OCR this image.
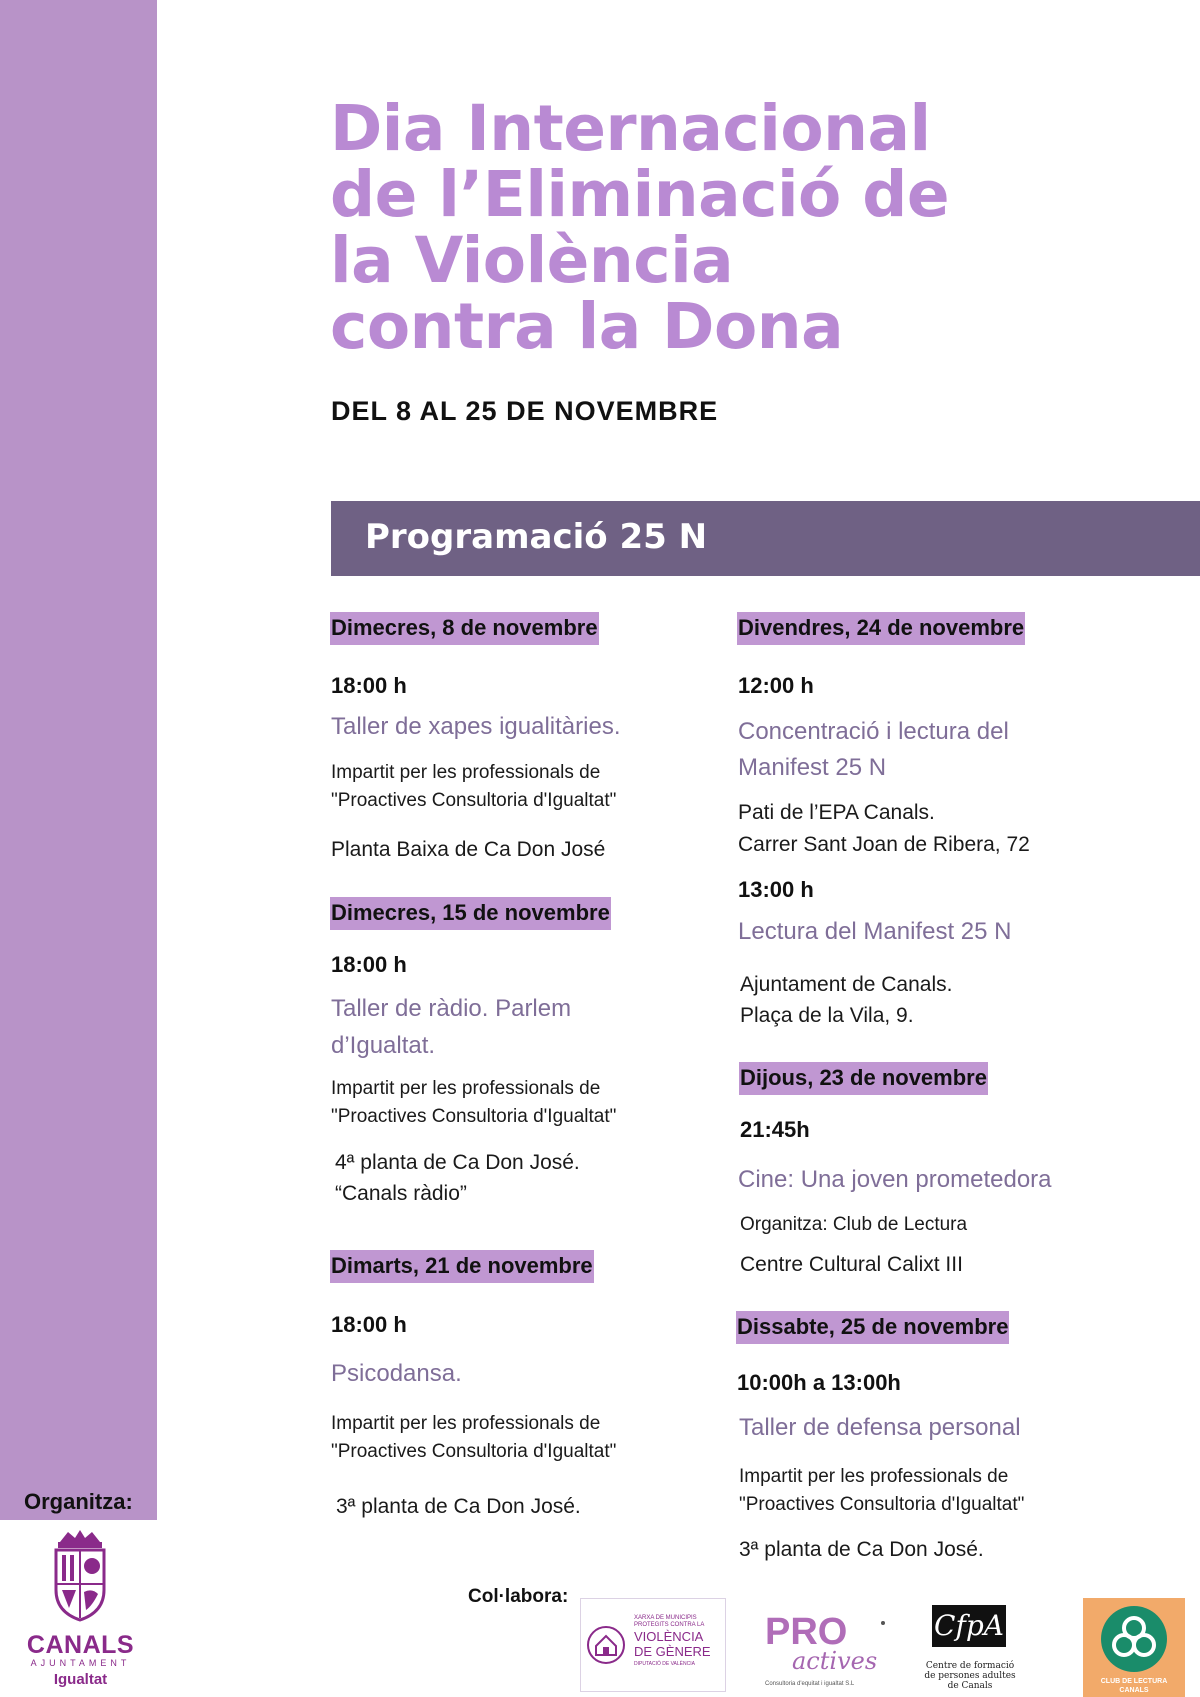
Dia Internacional
de l’Eliminació de
la Violència
contra la Dona
DEL 8 AL 25 DE NOVEMBRE
Programació 25 N
Dimecres, 8 de novembre
18:00 h
Taller de xapes igualitàries.
Impartit per les professionals de
"Proactives Consultoria d'Igualtat"
Planta Baixa de Ca Don José
Dimecres, 15 de novembre
18:00 h
Taller de ràdio. Parlem
d’Igualtat.
Impartit per les professionals de
"Proactives Consultoria d'Igualtat"
4ª planta de Ca Don José.
“Canals ràdio”
Dimarts, 21 de novembre
18:00 h
Psicodansa.
Impartit per les professionals de
"Proactives Consultoria d'Igualtat"
3ª planta de Ca Don José.
Divendres, 24 de novembre
12:00 h
Concentració i lectura del
Manifest 25 N
Pati de l’EPA Canals.
Carrer Sant Joan de Ribera, 72
13:00 h
Lectura del Manifest 25 N
Ajuntament de Canals.
Plaça de la Vila, 9.
Dijous, 23 de novembre
21:45h
Cine: Una joven prometedora
Organitza: Club de Lectura
Centre Cultural Calixt III
Dissabte, 25 de novembre
10:00h a 13:00h
Taller de defensa personal
Impartit per les professionals de
"Proactives Consultoria d'Igualtat"
3ª planta de Ca Don José.
Organitza:
Col·labora:
CANALS
AJUNTAMENT
Igualtat
XARXA DE MUNICIPIS
PROTEGITS CONTRA LA
VIOLÈNCIA
DE GÈNERE
DIPUTACIÓ DE VALÈNCIA
PRO
actives
Consultoria d'equitat i igualtat S.L
CfpA
Centre de formació
de persones adultes
de Canals	CLUB DE LECTURA
CANALS
